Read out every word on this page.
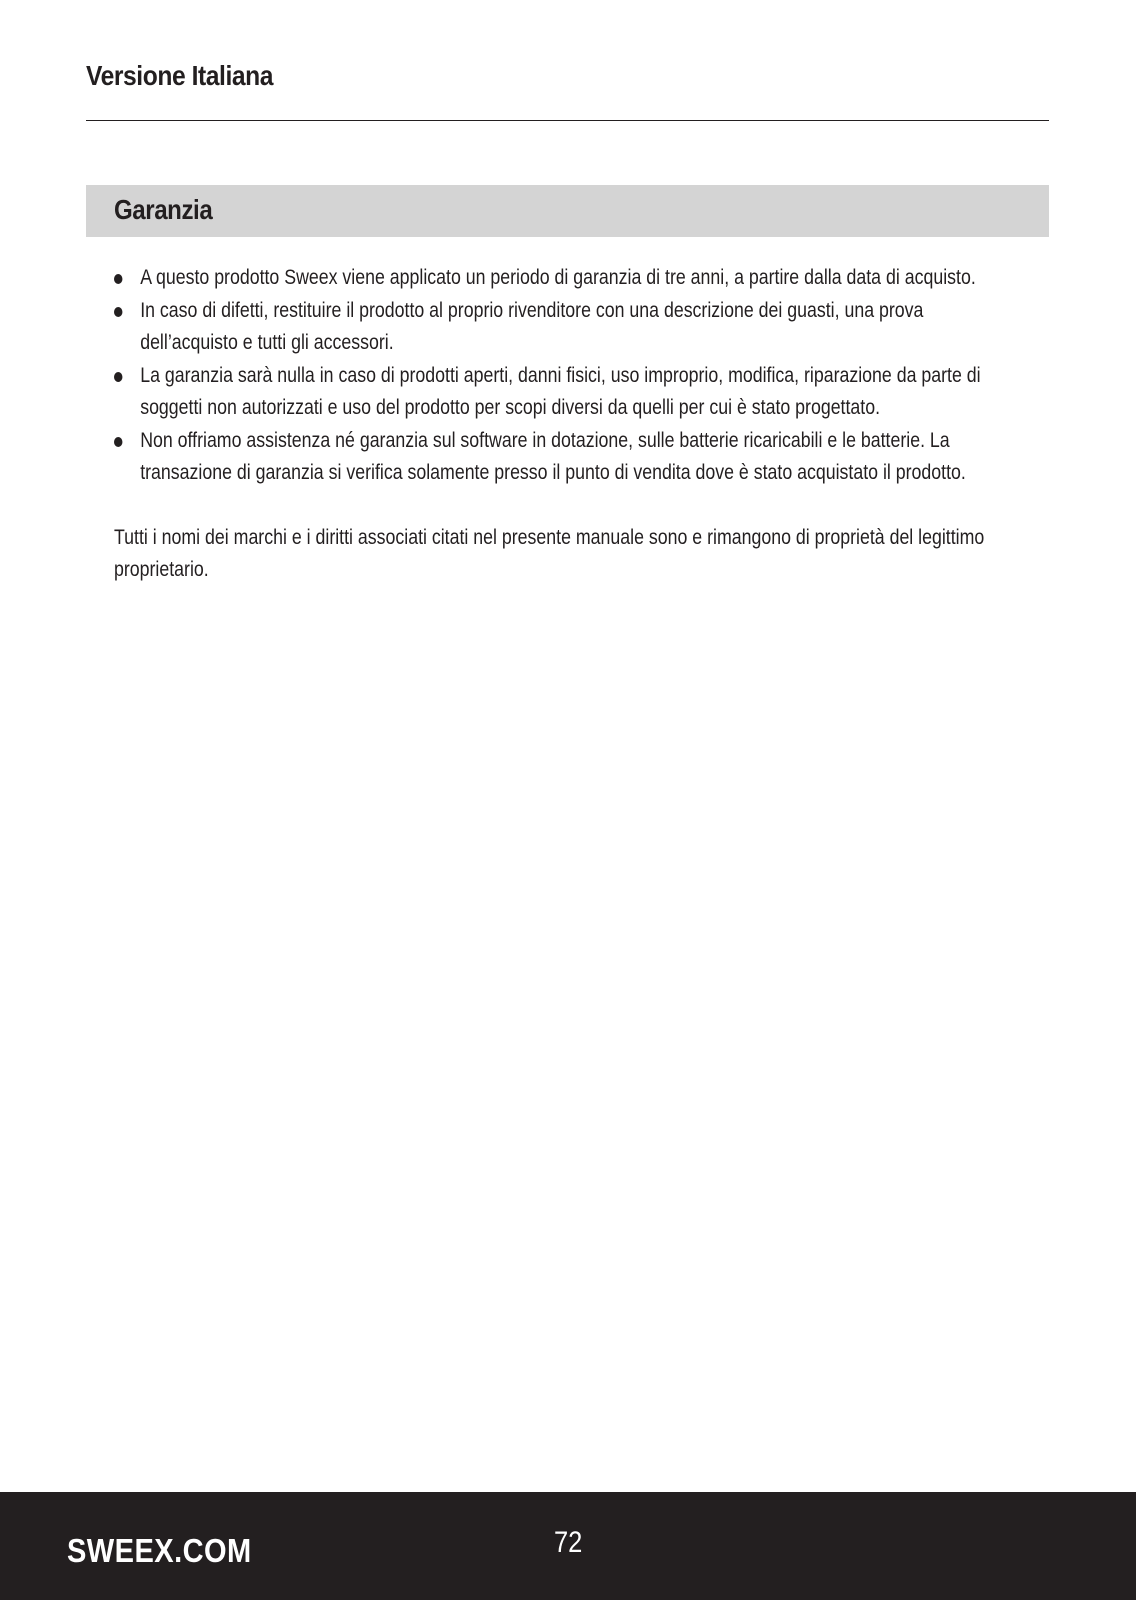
Versione Italiana
Garanzia
A questo prodotto Sweex viene applicato un periodo di garanzia di tre anni, a partire dalla data di acquisto.
In caso di difetti, restituire il prodotto al proprio rivenditore con una descrizione dei guasti, una prova dell’acquisto e tutti gli accessori.
La garanzia sarà nulla in caso di prodotti aperti, danni fisici, uso improprio, modifica, riparazione da parte di soggetti non autorizzati e uso del prodotto per scopi diversi da quelli per cui è stato progettato.
Non offriamo assistenza né garanzia sul software in dotazione, sulle batterie ricaricabili e le batterie. La transazione di garanzia si verifica solamente presso il punto di vendita dove è stato acquistato il prodotto.

Tutti i nomi dei marchi e i diritti associati citati nel presente manuale sono e rimangono di proprietà del legittimo proprietario.

SWEEX.COM	72
